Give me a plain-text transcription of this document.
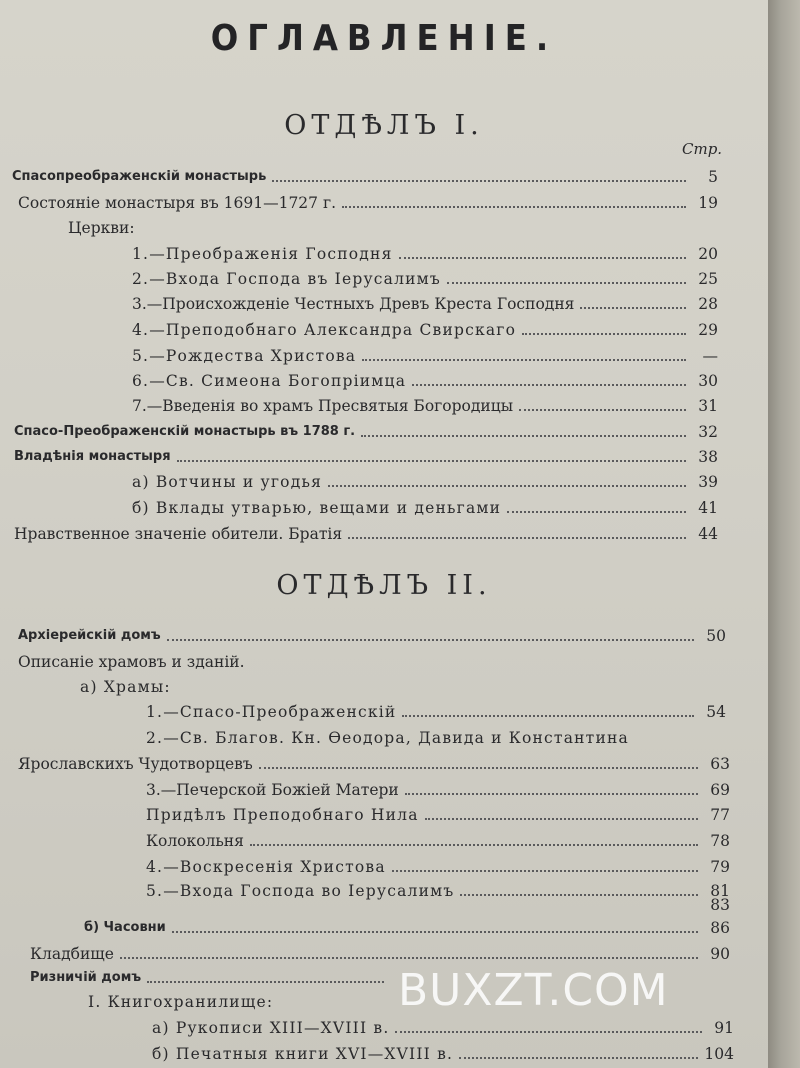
ОГЛАВЛЕНIЕ.
ОТДѢЛЪ I.
Стр.
Спасопреображенскій монастырь	5
Состояніе монастыря въ 1691—1727 г.	19
Церкви:
1.—Преображенія Господня	20
2.—Входа Господа въ Іерусалимъ	25
3.—Происхожденіе Честныхъ Древъ Креста Господня	28
4.—Преподобнаго Александра Свирскаго	29
5.—Рождества Христова	—
6.—Св. Симеона Богопріимца	30
7.—Введенія во храмъ Пресвятыя Богородицы	31
Спасо-Преображенскій монастырь въ 1788 г.	32
Владѣнія монастыря	38
а) Вотчины и угодья	39
б) Вклады утварью, вещами и деньгами	41
Нравственное значеніе обители. Братія	44
ОТДѢЛЪ II.
Архіерейскій домъ	50
Описаніе храмовъ и зданій.
а) Храмы:
1.—Спасо-Преображенскій	54
2.—Св. Благов. Кн. Ѳеодора, Давида и Константина
Ярославскихъ Чудотворцевъ	63
3.—Печерской Божіей Матери	69
Придѣлъ Преподобнаго Нила	77
Колокольня	78
4.—Воскресенія Христова	79
5.—Входа Господа во Іерусалимъ	81
83
б) Часовни	86
Кладбище	90
Ризничій домъ
I. Книгохранилище:
а) Рукописи XIII—XVIII в.	91
б) Печатныя книги XVI—XVIII в.	104
BUXZT.COM
